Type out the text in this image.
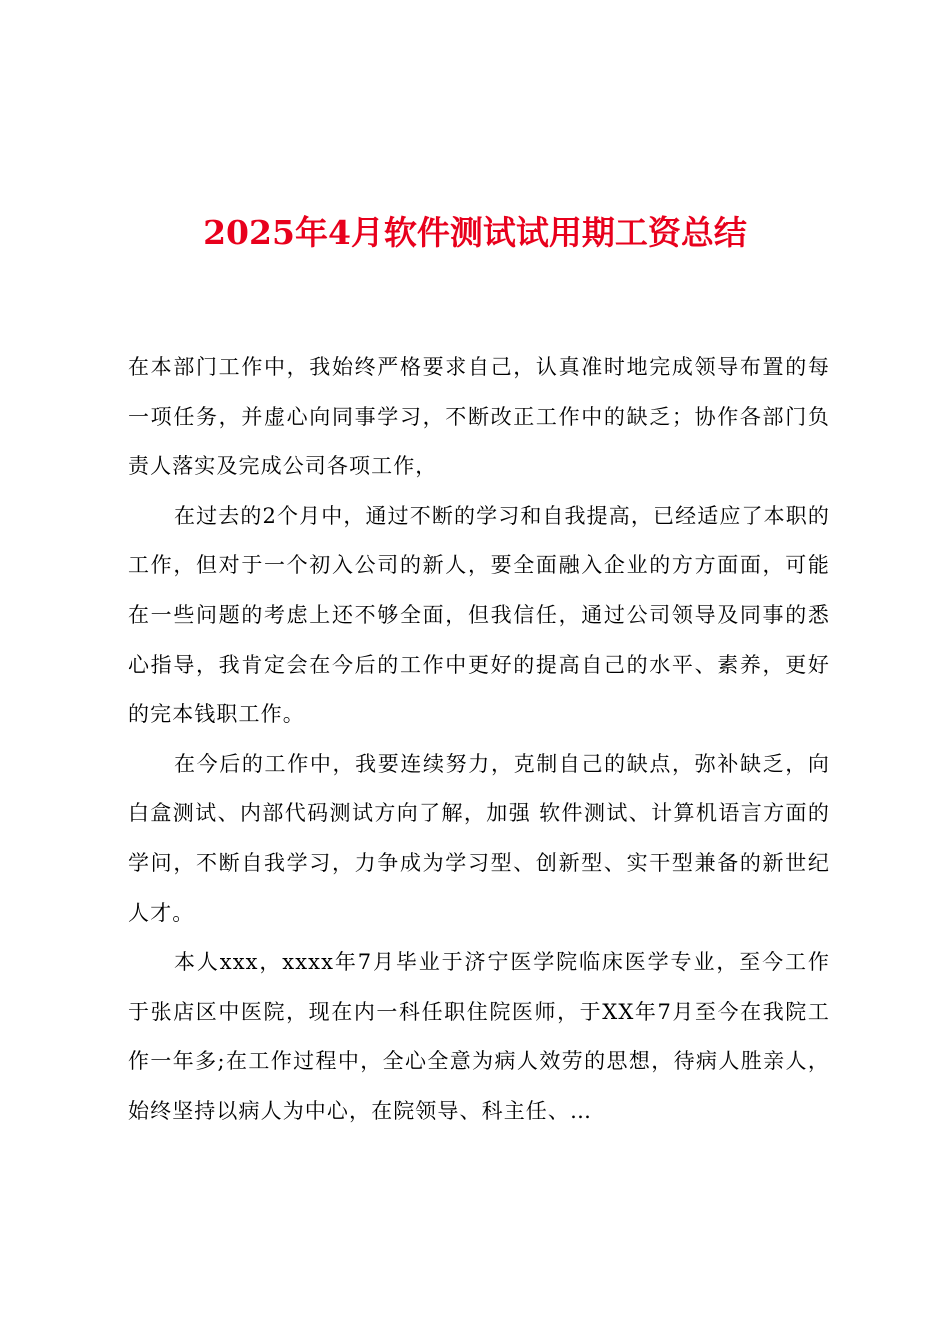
2025年4月软件测试试用期工资总结

在本部门工作中，我始终严格要求自己，认真准时地完成领导布置的每一项任务，并虚心向同事学习，不断改正工作中的缺乏；协作各部门负责人落实及完成公司各项工作，

在过去的2个月中，通过不断的学习和自我提高，已经适应了本职的工作，但对于一个初入公司的新人，要全面融入企业的方方面面，可能在一些问题的考虑上还不够全面，但我信任，通过公司领导及同事的悉心指导，我肯定会在今后的工作中更好的提高自己的水平、素养，更好的完本钱职工作。

在今后的工作中，我要连续努力，克制自己的缺点，弥补缺乏，向白盒测试、内部代码测试方向了解，加强 软件测试、计算机语言方面的学问，不断自我学习，力争成为学习型、创新型、实干型兼备的新世纪人才。

本人xxx，xxxx年7月毕业于济宁医学院临床医学专业，至今工作于张店区中医院，现在内一科任职住院医师，于XX年7月至今在我院工作一年多;在工作过程中，全心全意为病人效劳的思想，待病人胜亲人，始终坚持以病人为中心，在院领导、科主任、…
